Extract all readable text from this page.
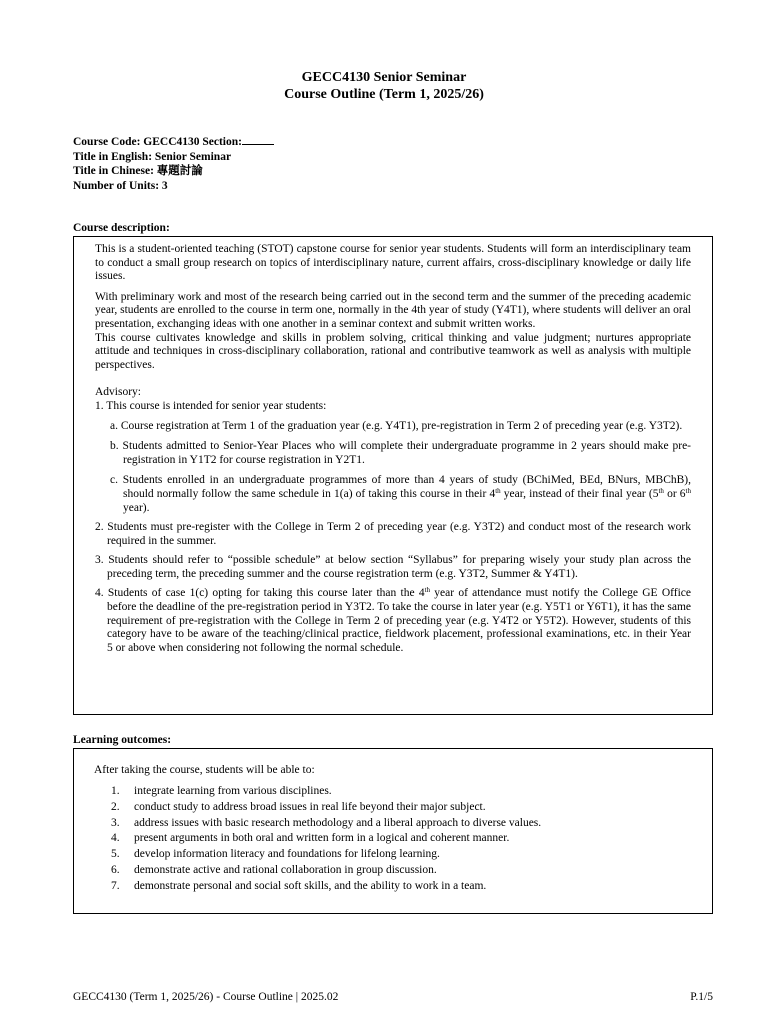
GECC4130 Senior Seminar
Course Outline (Term 1, 2025/26)
Course Code: GECC4130 Section:
Title in English: Senior Seminar
Title in Chinese: 專題討論
Number of Units: 3
Course description:

This is a student-oriented teaching (STOT) capstone course for senior year students. Students will form an interdisciplinary team to conduct a small group research on topics of interdisciplinary nature, current affairs, cross-disciplinary knowledge or daily life issues.

With preliminary work and most of the research being carried out in the second term and the summer of the preceding academic year, students are enrolled to the course in term one, normally in the 4th year of study (Y4T1), where students will deliver an oral presentation, exchanging ideas with one another in a seminar context and submit written works.

This course cultivates knowledge and skills in problem solving, critical thinking and value judgment; nurtures appropriate attitude and techniques in cross-disciplinary collaboration, rational and contributive teamwork as well as analysis with multiple perspectives.

Advisory:
1. This course is intended for senior year students:
a. Course registration at Term 1 of the graduation year (e.g. Y4T1), pre-registration in Term 2 of preceding year (e.g. Y3T2).
b. Students admitted to Senior-Year Places who will complete their undergraduate programme in 2 years should make pre-registration in Y1T2 for course registration in Y2T1.
c. Students enrolled in an undergraduate programmes of more than 4 years of study (BChiMed, BEd, BNurs, MBChB), should normally follow the same schedule in 1(a) of taking this course in their 4th year, instead of their final year (5th or 6th year).
2. Students must pre-register with the College in Term 2 of preceding year (e.g. Y3T2) and conduct most of the research work required in the summer.
3. Students should refer to “possible schedule” at below section “Syllabus” for preparing wisely your study plan across the preceding term, the preceding summer and the course registration term (e.g. Y3T2, Summer & Y4T1).
4. Students of case 1(c) opting for taking this course later than the 4th year of attendance must notify the College GE Office before the deadline of the pre-registration period in Y3T2. To take the course in later year (e.g. Y5T1 or Y6T1), it has the same requirement of pre-registration with the College in Term 2 of preceding year (e.g. Y4T2 or Y5T2). However, students of this category have to be aware of the teaching/clinical practice, fieldwork placement, professional examinations, etc. in their Year 5 or above when considering not following the normal schedule.
Learning outcomes:
After taking the course, students will be able to:
1.	integrate learning from various disciplines.
2.	conduct study to address broad issues in real life beyond their major subject.
3.	address issues with basic research methodology and a liberal approach to diverse values.
4.	present arguments in both oral and written form in a logical and coherent manner.
5.	develop information literacy and foundations for lifelong learning.
6.	demonstrate active and rational collaboration in group discussion.
7.	demonstrate personal and social soft skills, and the ability to work in a team.
GECC4130 (Term 1, 2025/26) - Course Outline | 2025.02	P.1/5
